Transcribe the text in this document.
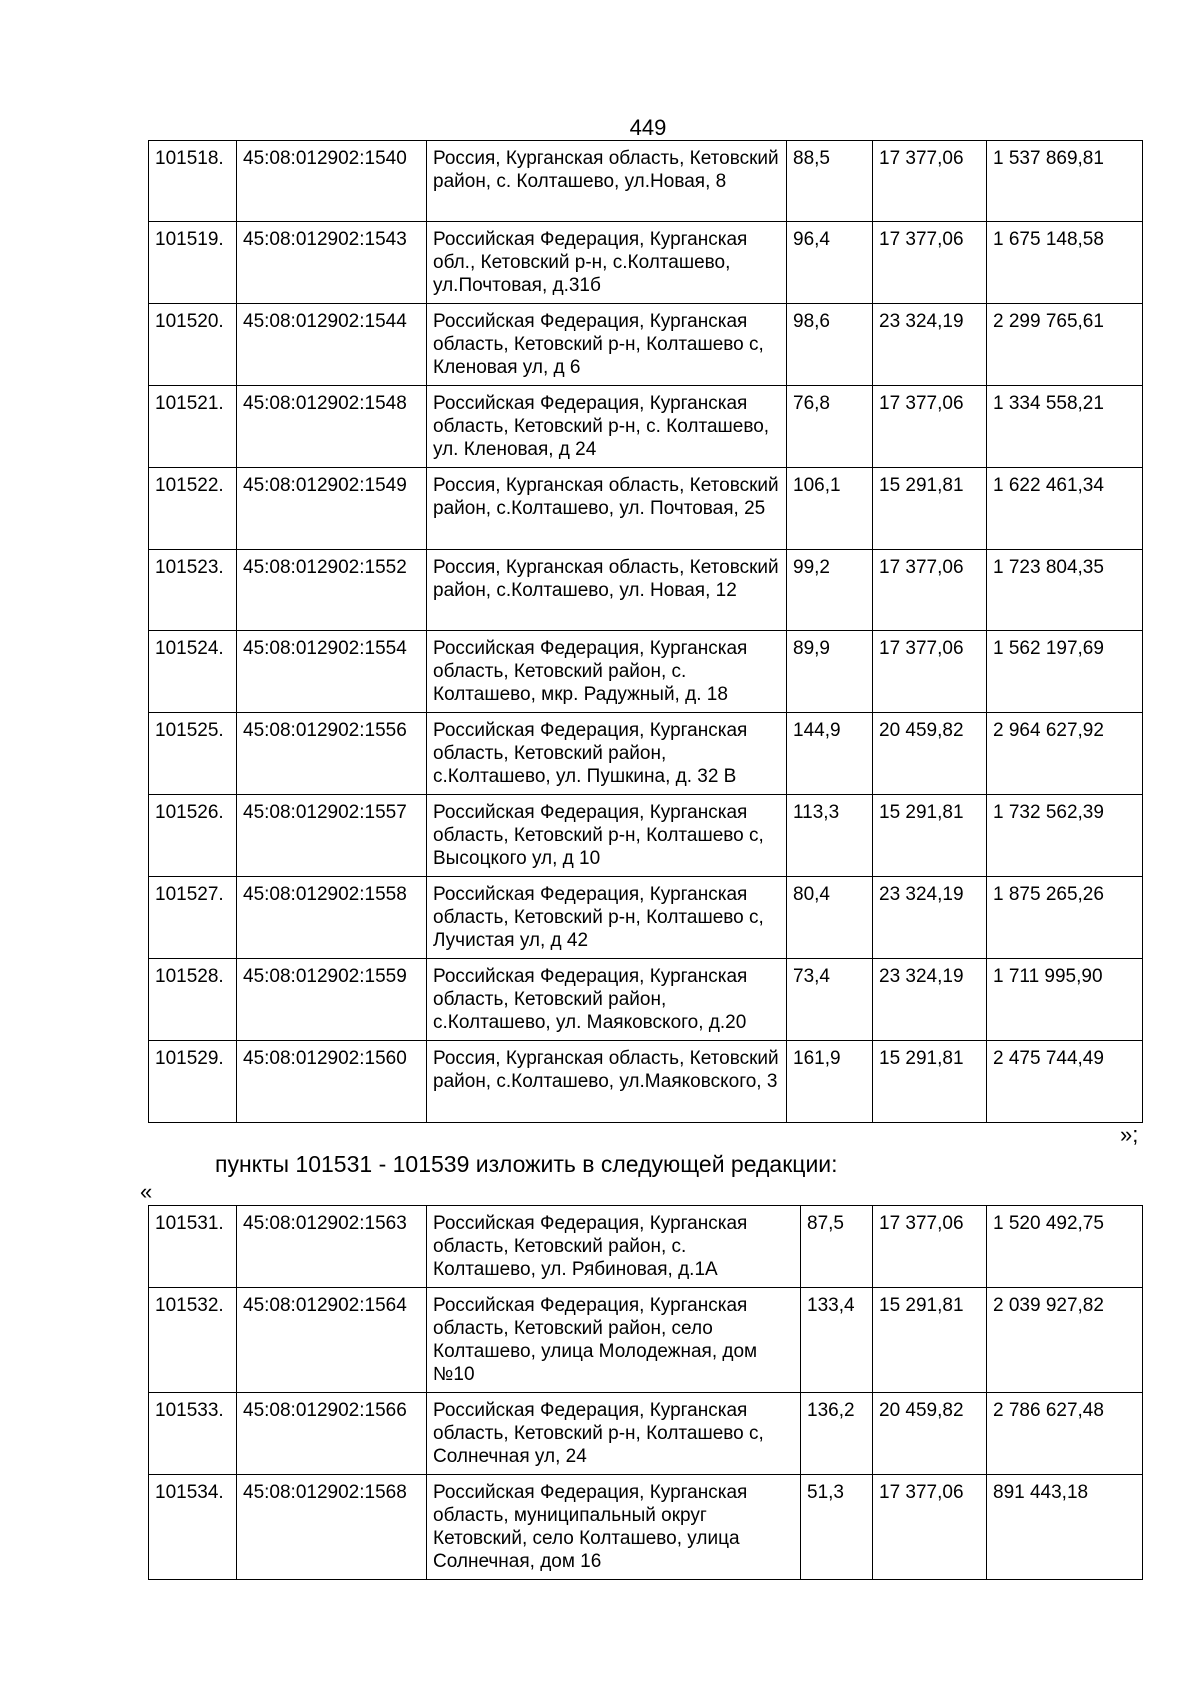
449
101518.	45:08:012902:1540	Россия, Курганская область, Кетовский район, с. Колташево, ул.Новая, 8	88,5	17 377,06	1 537 869,81
101519.	45:08:012902:1543	Российская Федерация, Курганская обл., Кетовский р-н, с.Колташево, ул.Почтовая, д.31б	96,4	17 377,06	1 675 148,58
101520.	45:08:012902:1544	Российская Федерация, Курганская область, Кетовский р-н, Колташево с, Кленовая ул, д 6	98,6	23 324,19	2 299 765,61
101521.	45:08:012902:1548	Российская Федерация, Курганская область, Кетовский р-н, с. Колташево, ул. Кленовая, д 24	76,8	17 377,06	1 334 558,21
101522.	45:08:012902:1549	Россия, Курганская область, Кетовский район, с.Колташево, ул. Почтовая, 25	106,1	15 291,81	1 622 461,34
101523.	45:08:012902:1552	Россия, Курганская область, Кетовский район, с.Колташево, ул. Новая, 12	99,2	17 377,06	1 723 804,35
101524.	45:08:012902:1554	Российская Федерация, Курганская область, Кетовский район, с. Колташево, мкр. Радужный, д. 18	89,9	17 377,06	1 562 197,69
101525.	45:08:012902:1556	Российская Федерация, Курганская область, Кетовский район, с.Колташево, ул. Пушкина, д. 32 В	144,9	20 459,82	2 964 627,92
101526.	45:08:012902:1557	Российская Федерация, Курганская область, Кетовский р-н, Колташево с, Высоцкого ул, д 10	113,3	15 291,81	1 732 562,39
101527.	45:08:012902:1558	Российская Федерация, Курганская область, Кетовский р-н, Колташево с, Лучистая ул, д 42	80,4	23 324,19	1 875 265,26
101528.	45:08:012902:1559	Российская Федерация, Курганская область, Кетовский район, с.Колташево, ул. Маяковского, д.20	73,4	23 324,19	1 711 995,90
101529.	45:08:012902:1560	Россия, Курганская область, Кетовский район, с.Колташево, ул.Маяковского, 3	161,9	15 291,81	2 475 744,49
»;
пункты 101531 - 101539 изложить в следующей редакции:
«
101531.	45:08:012902:1563	Российская Федерация, Курганская область, Кетовский район, с. Колташево, ул. Рябиновая, д.1А	87,5	17 377,06	1 520 492,75
101532.	45:08:012902:1564	Российская Федерация, Курганская область, Кетовский район, село Колташево, улица Молодежная, дом №10	133,4	15 291,81	2 039 927,82
101533.	45:08:012902:1566	Российская Федерация, Курганская область, Кетовский р-н, Колташево с, Солнечная ул, 24	136,2	20 459,82	2 786 627,48
101534.	45:08:012902:1568	Российская Федерация, Курганская область, муниципальный округ Кетовский, село Колташево, улица Солнечная, дом 16	51,3	17 377,06	891 443,18
